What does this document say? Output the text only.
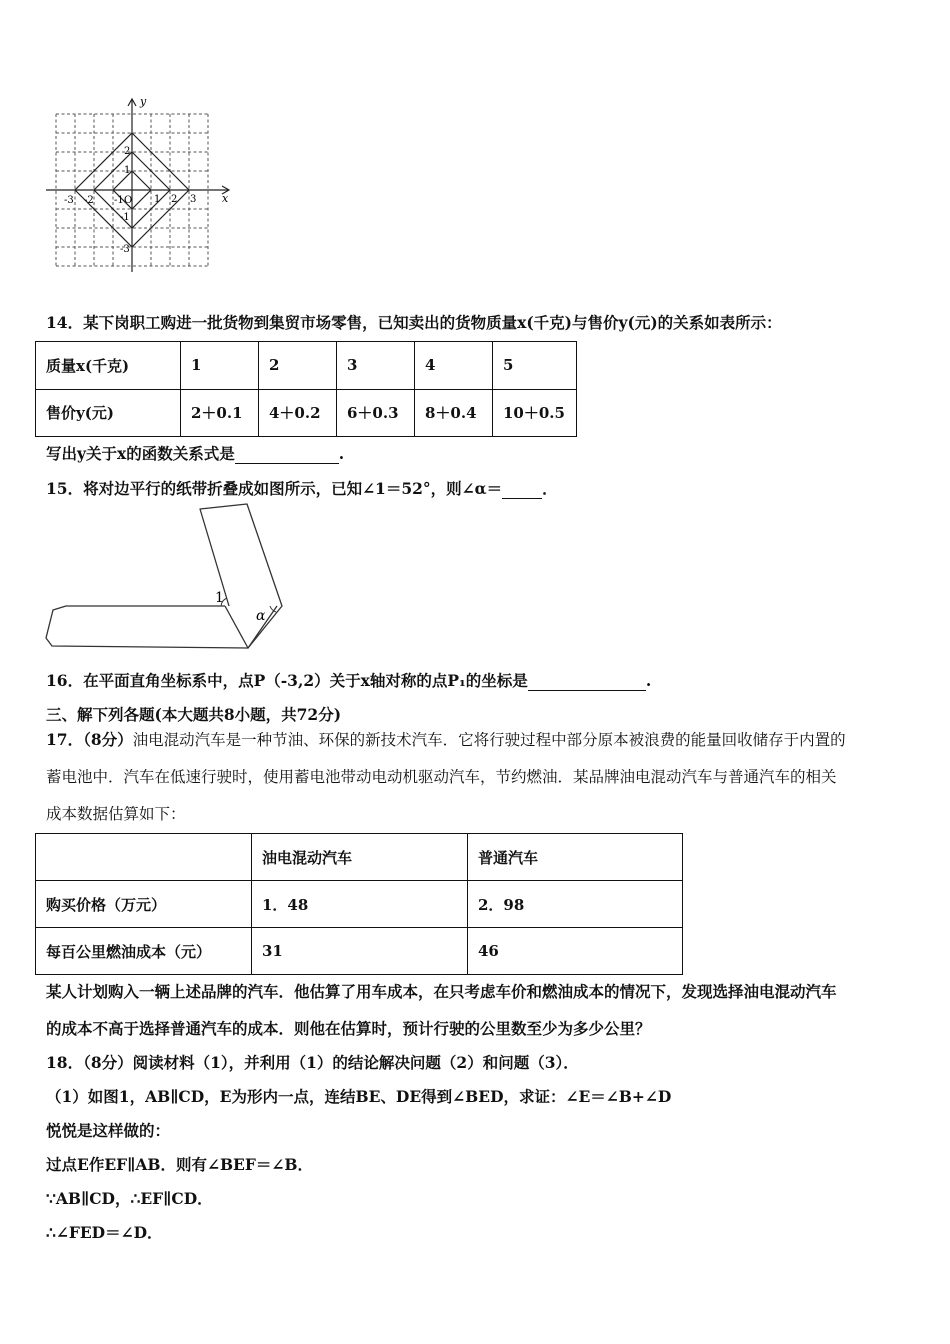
y
x
-3 -2 -1 O 1 2 3
2
1
-1
-3
14．某下岗职工购进一批货物到集贸市场零售，已知卖出的货物质量x(千克)与售价y(元)的关系如表所示：
质量x(千克)	1	2	3	4	5
售价y(元)	2＋0.1	4＋0.2	6＋0.3	8＋0.4	10＋0.5
写出y关于x的函数关系式是	.
15．将对边平行的纸带折叠成如图所示，已知∠1＝52°，则∠α＝	．
1
α
16．在平面直角坐标系中，点P（-3,2）关于x轴对称的点P₁的坐标是	.
三、解下列各题(本大题共8小题，共72分)
17．（8分）油电混动汽车是一种节油、环保的新技术汽车．它将行驶过程中部分原本被浪费的能量回收储存于内置的
蓄电池中．汽车在低速行驶时，使用蓄电池带动电动机驱动汽车，节约燃油．某品牌油电混动汽车与普通汽车的相关
成本数据估算如下：
	油电混动汽车	普通汽车
购买价格（万元）	1．48	2．98
每百公里燃油成本（元）	31	46
某人计划购入一辆上述品牌的汽车．他估算了用车成本，在只考虑车价和燃油成本的情况下，发现选择油电混动汽车
的成本不高于选择普通汽车的成本．则他在估算时，预计行驶的公里数至少为多少公里？
18．（8分）阅读材料（1），并利用（1）的结论解决问题（2）和问题（3）．
（1）如图1，AB∥CD，E为形内一点，连结BE、DE得到∠BED，求证：∠E＝∠B+∠D
悦悦是这样做的：
过点E作EF∥AB．则有∠BEF＝∠B．
∵AB∥CD，∴EF∥CD．
∴∠FED＝∠D．
